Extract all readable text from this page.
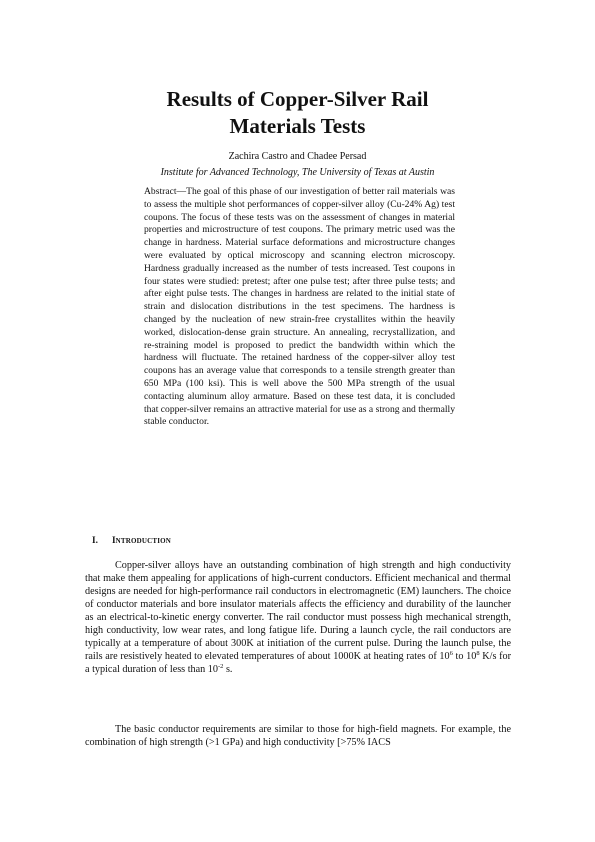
Results of Copper-Silver Rail
Materials Tests
Zachira Castro and Chadee Persad
Institute for Advanced Technology, The University of Texas at Austin

Abstract—The goal of this phase of our investigation of better rail materials was to assess the multiple shot performances of copper-silver alloy (Cu-24% Ag) test coupons. The focus of these tests was on the assessment of changes in material properties and microstructure of test coupons. The primary metric used was the change in hardness. Material surface deformations and microstructure changes were evaluated by optical microscopy and scanning electron microscopy. Hardness gradually increased as the number of tests increased. Test coupons in four states were studied: pretest; after one pulse test; after three pulse tests; and after eight pulse tests. The changes in hardness are related to the initial state of strain and dislocation distributions in the test specimens. The hardness is changed by the nucleation of new strain-free crystallites within the heavily worked, dislocation-dense grain structure. An annealing, recrystallization, and re-straining model is proposed to predict the bandwidth within which the hardness will fluctuate. The retained hardness of the copper-silver alloy test coupons has an average value that corresponds to a tensile strength greater than 650 MPa (100 ksi). This is well above the 500 MPa strength of the usual contacting aluminum alloy armature. Based on these test data, it is concluded that copper-silver remains an attractive material for use as a strong and thermally stable conductor.

I. INTRODUCTION

Copper-silver alloys have an outstanding combination of high strength and high conductivity that make them appealing for applications of high-current conductors. Efficient mechanical and thermal designs are needed for high-performance rail conductors in electromagnetic (EM) launchers. The choice of conductor materials and bore insulator materials affects the efficiency and durability of the launcher as an electrical-to-kinetic energy converter. The rail conductor must possess high mechanical strength, high conductivity, low wear rates, and long fatigue life. During a launch cycle, the rail conductors are typically at a temperature of about 300K at initiation of the current pulse. During the launch pulse, the rails are resistively heated to elevated temperatures of about 1000K at heating rates of $10^6$ to $10^8$ K/s for a typical duration of less than $10^{-2}$ s.

The basic conductor requirements are similar to those for high-field magnets. For example, the combination of high strength (>1 GPa) and high conductivity [>75% IACS
